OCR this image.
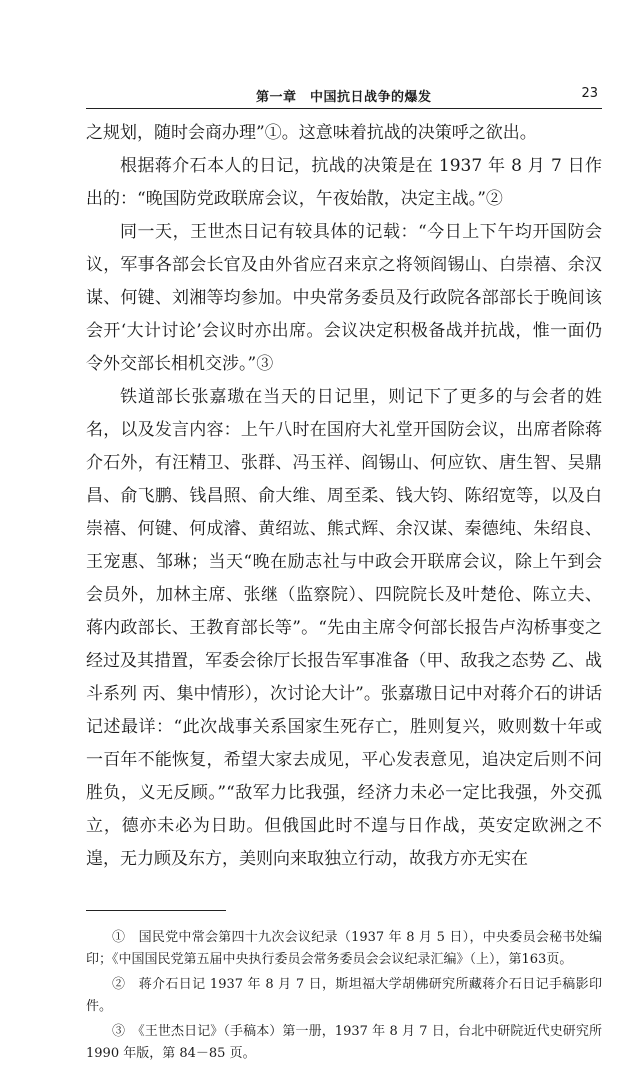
第一章　中国抗日战争的爆发	23

之规划，随时会商办理”①。这意味着抗战的决策呼之欲出。

根据蒋介石本人的日记，抗战的决策是在 1937 年 8 月 7 日作出的：“晚国防党政联席会议，午夜始散，决定主战。”②

同一天，王世杰日记有较具体的记载：“今日上下午均开国防会议，军事各部会长官及由外省应召来京之将领阎锡山、白崇禧、余汉谋、何键、刘湘等均参加。中央常务委员及行政院各部部长于晚间该会开‘大计讨论’会议时亦出席。会议决定积极备战并抗战，惟一面仍令外交部长相机交涉。”③

铁道部长张嘉璈在当天的日记里，则记下了更多的与会者的姓名，以及发言内容：上午八时在国府大礼堂开国防会议，出席者除蒋介石外，有汪精卫、张群、冯玉祥、阎锡山、何应钦、唐生智、吴鼎昌、俞飞鹏、钱昌照、俞大维、周至柔、钱大钧、陈绍宽等，以及白崇禧、何键、何成濬、黄绍竑、熊式辉、余汉谋、秦德纯、朱绍良、王宠惠、邹琳；当天“晚在励志社与中政会开联席会议，除上午到会会员外，加林主席、张继（监察院）、四院院长及叶楚伧、陈立夫、蒋内政部长、王教育部长等”。“先由主席令何部长报告卢沟桥事变之经过及其措置，军委会徐厅长报告军事准备（甲、敌我之态势 乙、战斗系列 丙、集中情形），次讨论大计”。张嘉璈日记中对蒋介石的讲话记述最详：“此次战事关系国家生死存亡，胜则复兴，败则数十年或一百年不能恢复，希望大家去成见，平心发表意见，追决定后则不问胜负，义无反顾。”“敌军力比我强，经济力未必一定比我强，外交孤立，德亦未必为日助。但俄国此时不遑与日作战，英安定欧洲之不遑，无力顾及东方，美则向来取独立行动，故我方亦无实在

①　国民党中常会第四十九次会议纪录（1937 年 8 月 5 日），中央委员会秘书处编印；《中国国民党第五届中央执行委员会常务委员会会议纪录汇编》（上），第163页。

②　蒋介石日记 1937 年 8 月 7 日，斯坦福大学胡佛研究所藏蒋介石日记手稿影印件。

③　《王世杰日记》（手稿本）第一册，1937 年 8 月 7 日，台北中研院近代史研究所 1990 年版，第 84－85 页。
